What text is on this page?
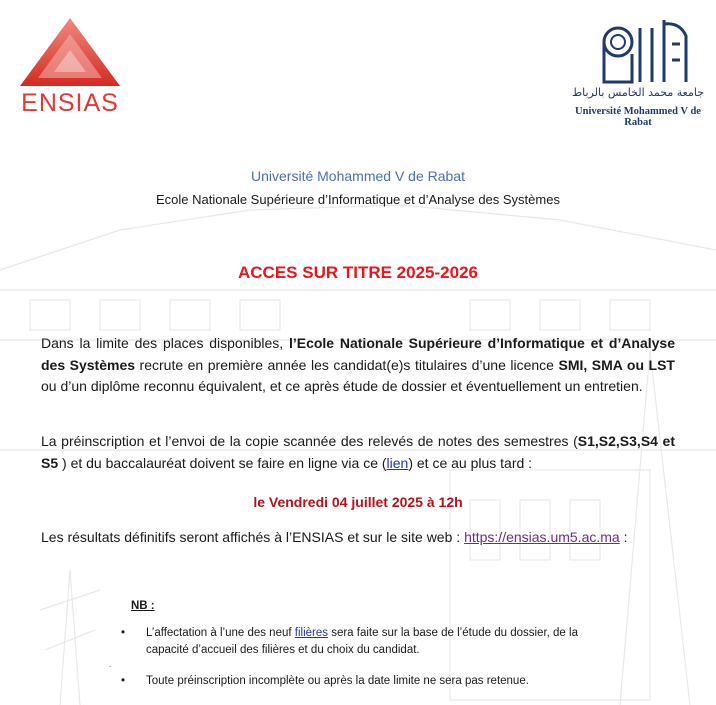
ENSIAS	جامعة محمد الخامس بالرباط
Université Mohammed V de Rabat
Université Mohammed V de Rabat
Ecole Nationale Supérieure d’Informatique et d’Analyse des Systèmes
ACCES SUR TITRE 2025-2026
Dans la limite des places disponibles, l’Ecole Nationale Supérieure d’Informatique et d’Analyse des Systèmes recrute en première année les candidat(e)s titulaires d’une licence SMI, SMA ou LST ou d’un diplôme reconnu équivalent, et ce après étude de dossier et éventuellement un entretien.
La préinscription et l’envoi de la copie scannée des relevés de notes des semestres (S1,S2,S3,S4 et S5 ) et du baccalauréat doivent se faire en ligne via ce (lien) et ce au plus tard :
le Vendredi 04 juillet 2025 à 12h
Les résultats définitifs seront affichés à l’ENSIAS et sur le site web : https://ensias.um5.ac.ma :
NB :
• L’affectation à l’une des neuf filières sera faite sur la base de l’étude du dossier, de la capacité d’accueil des filières et du choix du candidat.
.
• Toute préinscription incomplète ou après la date limite ne sera pas retenue.
